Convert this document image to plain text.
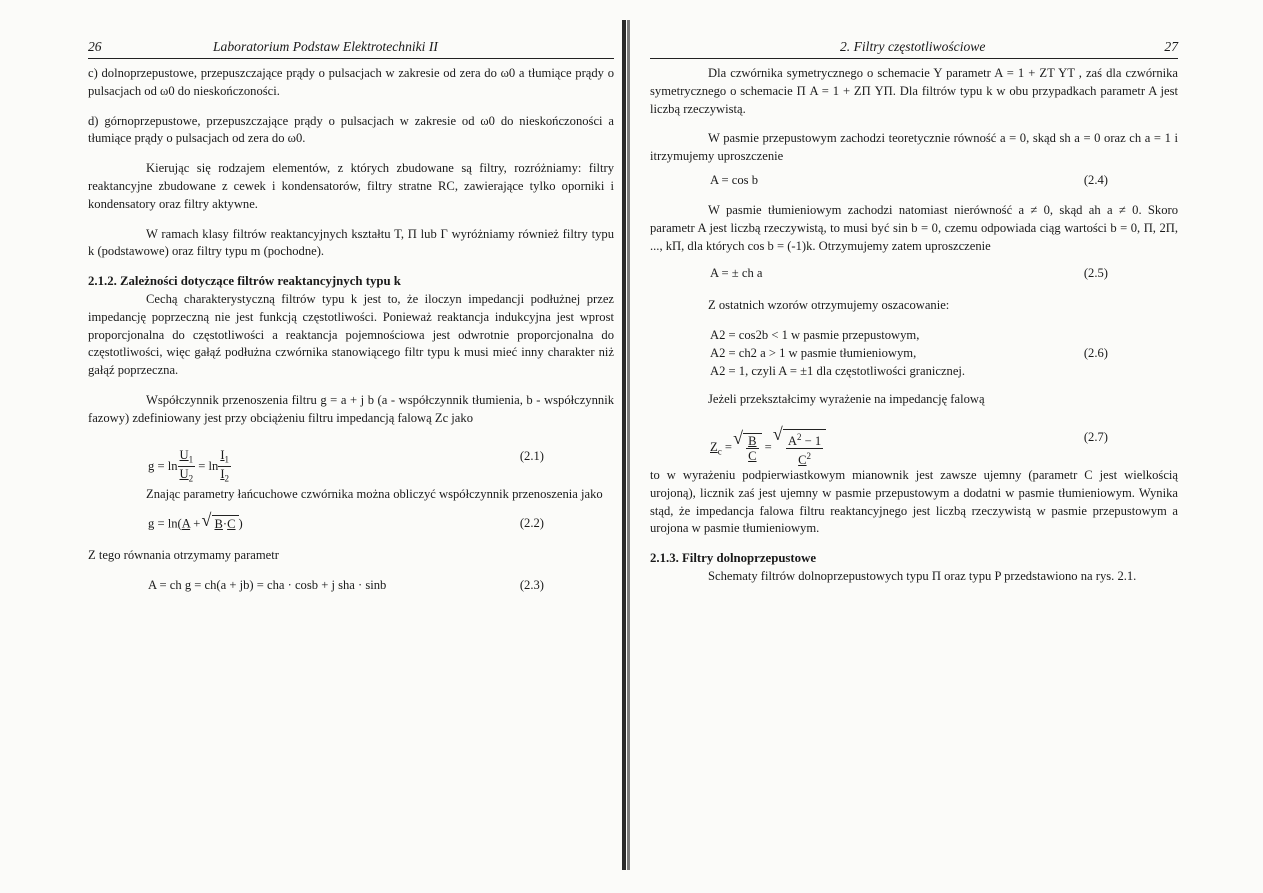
26	Laboratorium Podstaw Elektrotechniki II

c) dolnoprzepustowe, przepuszczające prądy o pulsacjach w zakresie od zera do ω0 a tłumiące prądy o pulsacjach od ω0 do nieskończoności.

d) górnoprzepustowe, przepuszczające prądy o pulsacjach w zakresie od ω0 do nieskończoności a tłumiące prądy o pulsacjach od zera do ω0.

Kierując się rodzajem elementów, z których zbudowane są filtry, rozróżniamy: filtry reaktancyjne zbudowane z cewek i kondensatorów, filtry stratne RC, zawierające tylko oporniki i kondensatory oraz filtry aktywne.

W ramach klasy filtrów reaktancyjnych kształtu T, Π lub Γ wyróżniamy również filtry typu k (podstawowe) oraz filtry typu m (pochodne).

2.1.2. Zależności dotyczące filtrów reaktancyjnych typu k

Cechą charakterystyczną filtrów typu k jest to, że iloczyn impedancji podłużnej przez impedancję poprzeczną nie jest funkcją częstotliwości. Ponieważ reaktancja indukcyjna jest wprost proporcjonalna do częstotliwości a reaktancja pojemnościowa jest odwrotnie proporcjonalna do częstotliwości, więc gałąź podłużna czwórnika stanowiącego filtr typu k musi mieć inny charakter niż gałąź poprzeczna.

Współczynnik przenoszenia filtru g = a + j b (a - współczynnik tłumienia, b - współczynnik fazowy) zdefiniowany jest przy obciążeniu filtru impedancją falową Zc jako

$g = \ln \frac{U_1}{U_2} = \ln \frac{I_1}{I_2}$	(2.1)

Znając parametry łańcuchowe czwórnika można obliczyć współczynnik przenoszenia jako

g = ln(A + √ B·C )	(2.2)

Z tego równania otrzymamy parametr

A = ch g = ch(a + jb) = cha · cosb + j sha · sinb	(2.3)
2. Filtry częstotliwościowe	27

Dla czwórnika symetrycznego o schemacie Y parametr A = 1 + ZT YT , zaś dla czwórnika symetrycznego o schemacie Π A = 1 + ZΠ YΠ. Dla filtrów typu k w obu przypadkach parametr A jest liczbą rzeczywistą.

W pasmie przepustowym zachodzi teoretycznie równość a = 0, skąd sh a = 0 oraz ch a = 1 i itrzymujemy uproszczenie

A = cos b	(2.4)

W pasmie tłumieniowym zachodzi natomiast nierówność a ≠ 0, skąd ah a ≠ 0. Skoro parametr A jest liczbą rzeczywistą, to musi być sin b = 0, czemu odpowiada ciąg wartości b = 0, Π, 2Π, ..., kΠ, dla których cos b = (-1)k. Otrzymujemy zatem uproszczenie

A = ± ch a	(2.5)

Z ostatnich wzorów otrzymujemy oszacowanie:

A2 = cos2b < 1 w pasmie przepustowym,
A2 = ch2 a > 1 w pasmie tłumieniowym,
A2 = 1, czyli A = ±1 dla częstotliwości granicznej.
(2.6)

Jeżeli przekształcimy wyrażenie na impedancję falową

$Z_c$ = √ $\frac{B}{C}$ = √ $\frac{A^2 - 1}{C^2}$	(2.7)

to w wyrażeniu podpierwiastkowym mianownik jest zawsze ujemny (parametr C jest wielkością urojoną), licznik zaś jest ujemny w pasmie przepustowym a dodatni w pasmie tłumieniowym. Wynika stąd, że impedancja falowa filtru reaktancyjnego jest liczbą rzeczywistą w pasmie przepustowym a urojona w pasmie tłumieniowym.

2.1.3. Filtry dolnoprzepustowe

Schematy filtrów dolnoprzepustowych typu Π oraz typu P przedstawiono na rys. 2.1.
